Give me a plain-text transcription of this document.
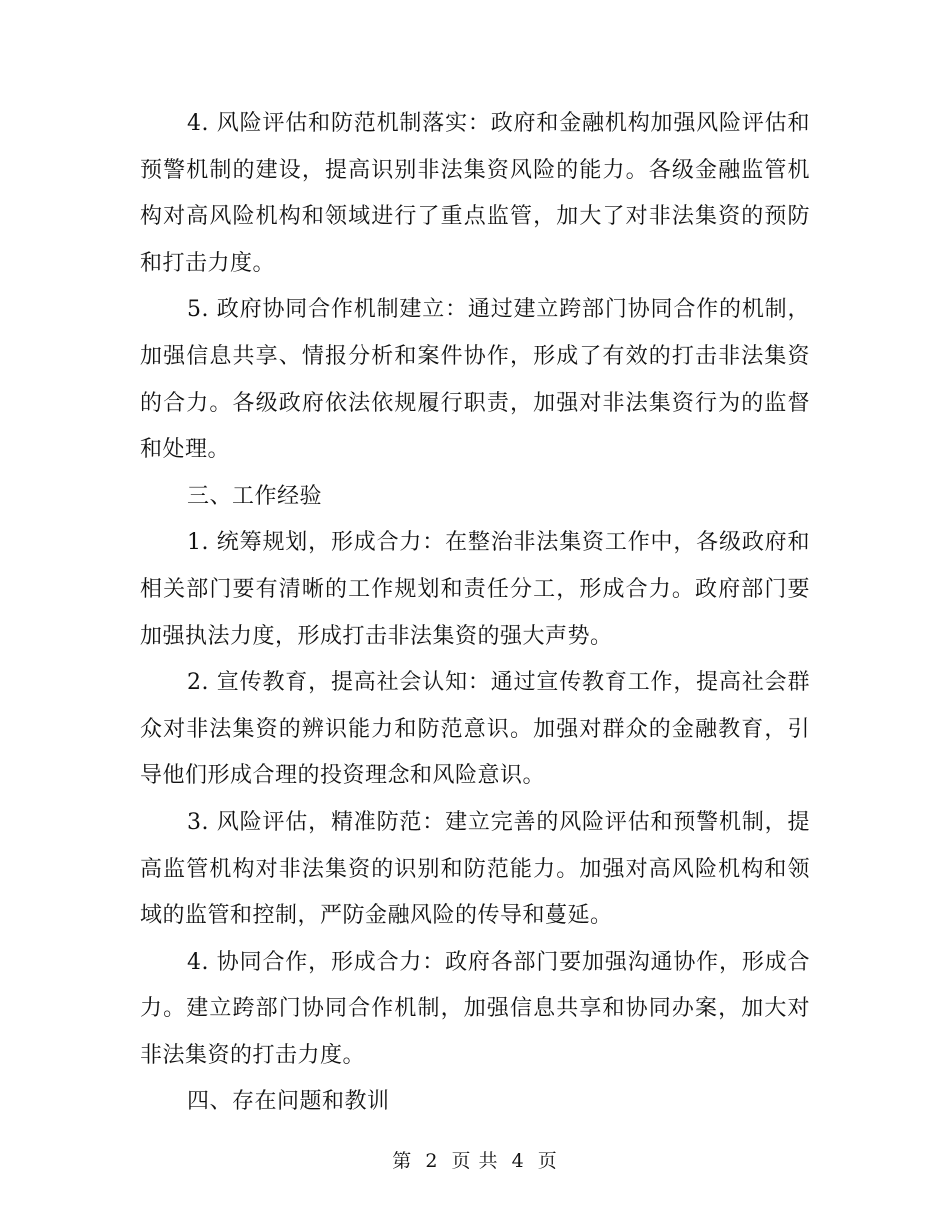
4. 风险评估和防范机制落实：政府和金融机构加强风险评估和预警机制的建设，提高识别非法集资风险的能力。各级金融监管机构对高风险机构和领域进行了重点监管，加大了对非法集资的预防和打击力度。

5. 政府协同合作机制建立：通过建立跨部门协同合作的机制，加强信息共享、情报分析和案件协作，形成了有效的打击非法集资的合力。各级政府依法依规履行职责，加强对非法集资行为的监督和处理。

三、工作经验

1. 统筹规划，形成合力：在整治非法集资工作中，各级政府和相关部门要有清晰的工作规划和责任分工，形成合力。政府部门要加强执法力度，形成打击非法集资的强大声势。

2. 宣传教育，提高社会认知：通过宣传教育工作，提高社会群众对非法集资的辨识能力和防范意识。加强对群众的金融教育，引导他们形成合理的投资理念和风险意识。

3. 风险评估，精准防范：建立完善的风险评估和预警机制，提高监管机构对非法集资的识别和防范能力。加强对高风险机构和领域的监管和控制，严防金融风险的传导和蔓延。

4. 协同合作，形成合力：政府各部门要加强沟通协作，形成合力。建立跨部门协同合作机制，加强信息共享和协同办案，加大对非法集资的打击力度。

四、存在问题和教训

第 2 页 共 4 页
